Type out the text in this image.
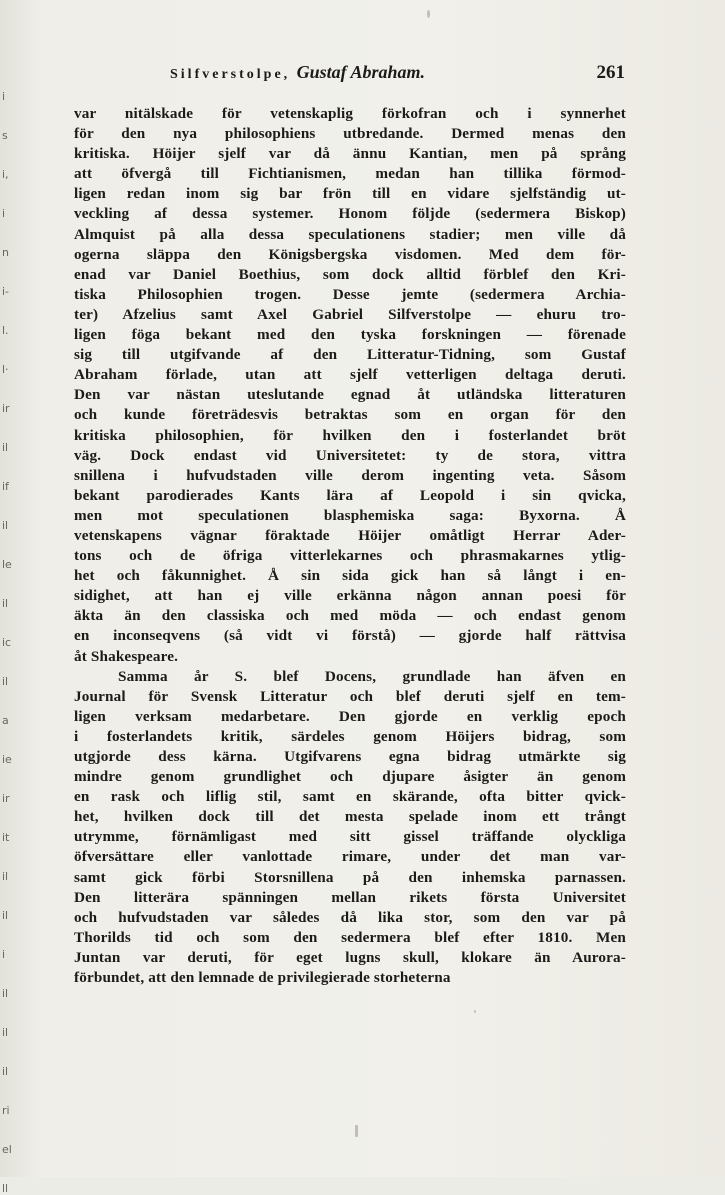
i
s
i,
i
n
i-
l.
l·
ir
il
if
il
le
il
ic
il
a
ie
ir
it
il
il
i
il
il
il
ri
el
ll
Silfverstolpe, Gustaf Abraham.	261
var nitälskade för vetenskaplig förkofran och i synnerhet
för den nya philosophiens utbredande. Dermed menas den
kritiska. Höijer sjelf var då ännu Kantian, men på språng
att öfvergå till Fichtianismen, medan han tillika förmod-
ligen redan inom sig bar frön till en vidare sjelfständig ut-
veckling af dessa systemer. Honom följde (sedermera Biskop)
Almquist på alla dessa speculationens stadier; men ville då
ogerna släppa den Königsbergska visdomen. Med dem för-
enad var Daniel Boethius, som dock alltid förblef den Kri-
tiska Philosophien trogen. Desse jemte (sedermera Archia-
ter) Afzelius samt Axel Gabriel Silfverstolpe — ehuru tro-
ligen föga bekant med den tyska forskningen — förenade
sig till utgifvande af den Litteratur-Tidning, som Gustaf
Abraham förlade, utan att sjelf vetterligen deltaga deruti.
Den var nästan uteslutande egnad åt utländska litteraturen
och kunde företrädesvis betraktas som en organ för den
kritiska philosophien, för hvilken den i fosterlandet bröt
väg. Dock endast vid Universitetet: ty de stora, vittra
snillena i hufvudstaden ville derom ingenting veta. Såsom
bekant parodierades Kants lära af Leopold i sin qvicka,
men mot speculationen blasphemiska saga: Byxorna. Å
vetenskapens vägnar föraktade Höijer omåtligt Herrar Ader-
tons och de öfriga vitterlekarnes och phrasmakarnes ytlig-
het och fåkunnighet. Å sin sida gick han så långt i en-
sidighet, att han ej ville erkänna någon annan poesi för
äkta än den classiska och med möda — och endast genom
en inconseqvens (så vidt vi förstå) — gjorde half rättvisa
åt Shakespeare.
Samma år S. blef Docens, grundlade han äfven en
Journal för Svensk Litteratur och blef deruti sjelf en tem-
ligen verksam medarbetare. Den gjorde en verklig epoch
i fosterlandets kritik, särdeles genom Höijers bidrag, som
utgjorde dess kärna. Utgifvarens egna bidrag utmärkte sig
mindre genom grundlighet och djupare åsigter än genom
en rask och liflig stil, samt en skärande, ofta bitter qvick-
het, hvilken dock till det mesta spelade inom ett trångt
utrymme, förnämligast med sitt gissel träffande olyckliga
öfversättare eller vanlottade rimare, under det man var-
samt gick förbi Storsnillena på den inhemska parnassen.
Den litterära spänningen mellan rikets första Universitet
och hufvudstaden var således då lika stor, som den var på
Thorilds tid och som den sedermera blef efter 1810. Men
Juntan var deruti, för eget lugns skull, klokare än Aurora-
förbundet, att den lemnade de privilegierade storheterna
